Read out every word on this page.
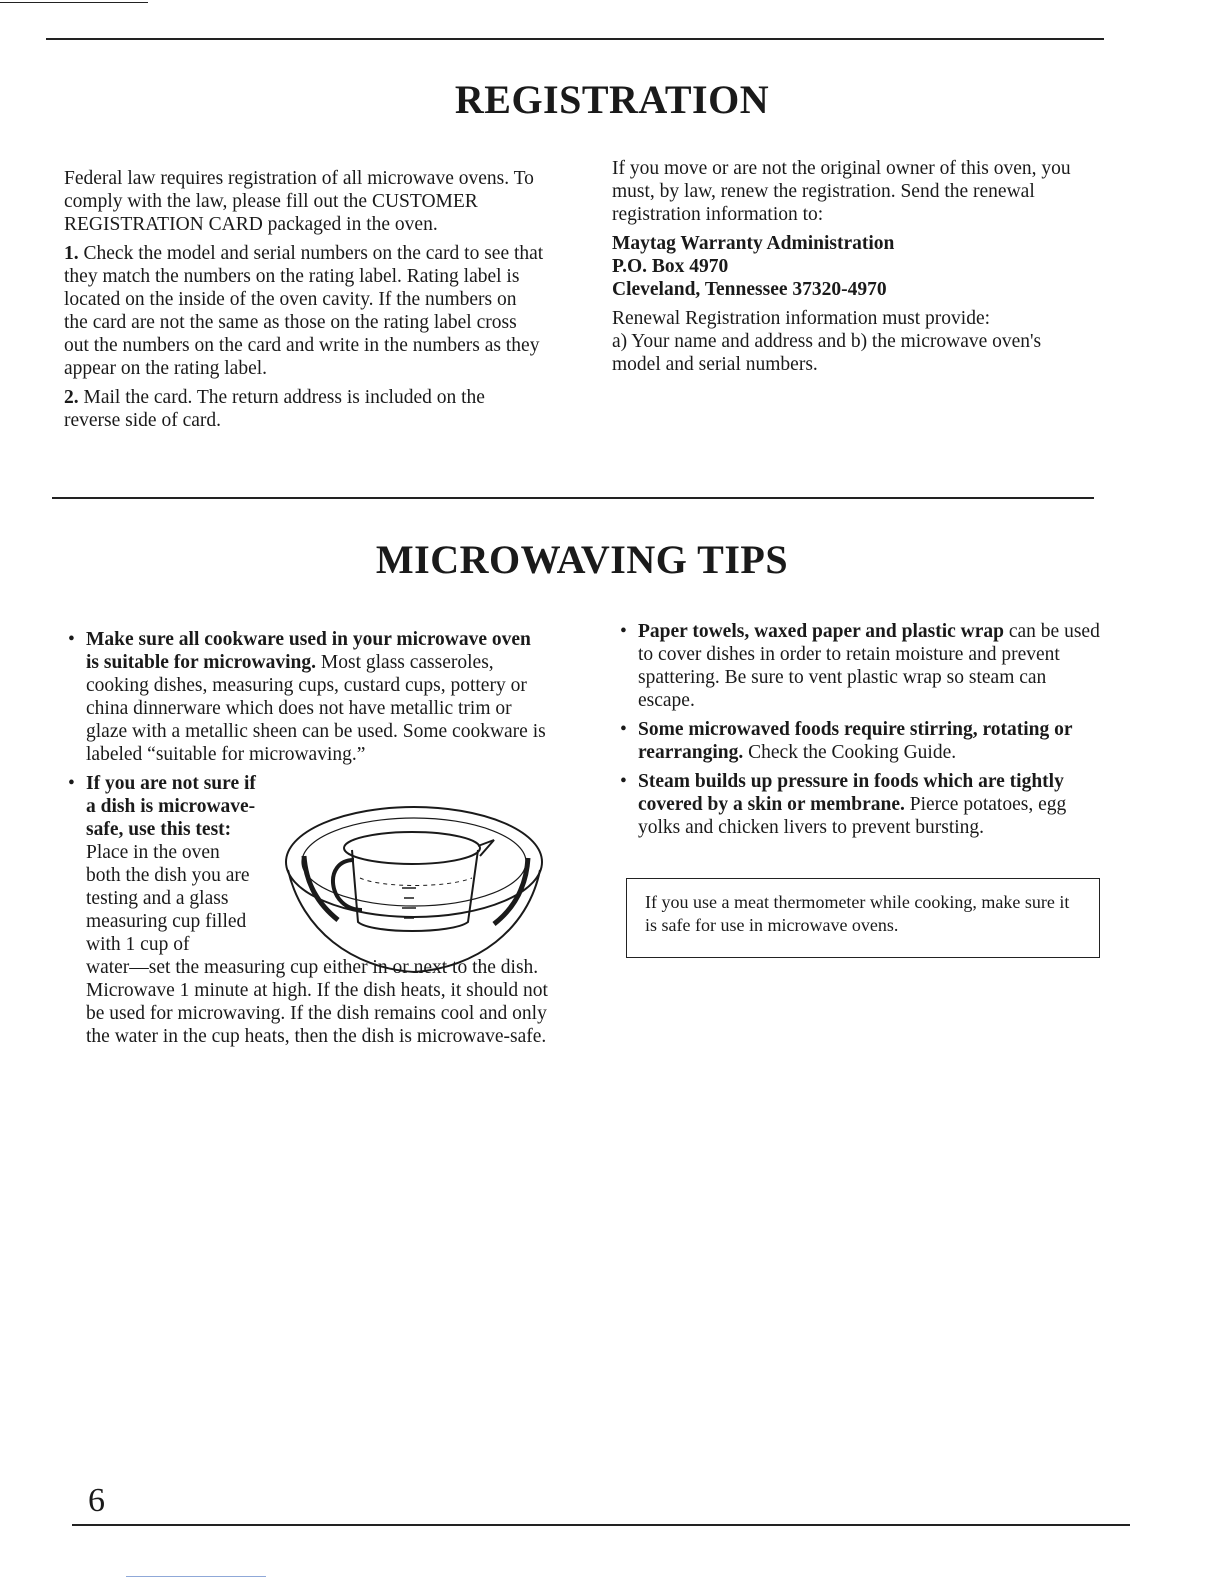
REGISTRATION

Federal law requires registration of all microwave ovens. To comply with the law, please fill out the CUSTOMER REGISTRATION CARD packaged in the oven.

1. Check the model and serial numbers on the card to see that they match the numbers on the rating label. Rating label is located on the inside of the oven cavity. If the numbers on the card are not the same as those on the rating label cross out the numbers on the card and write in the numbers as they appear on the rating label.

2. Mail the card. The return address is included on the reverse side of card.

If you move or are not the original owner of this oven, you must, by law, renew the registration. Send the renewal registration information to:

Maytag Warranty Administration
P.O. Box 4970
Cleveland, Tennessee 37320-4970

Renewal Registration information must provide:

a) Your name and address and b) the microwave oven's model and serial numbers.

MICROWAVING TIPS
• Make sure all cookware used in your microwave oven is suitable for microwaving. Most glass casseroles, cooking dishes, measuring cups, custard cups, pottery or china dinnerware which does not have metallic trim or glaze with a metallic sheen can be used. Some cookware is labeled “suitable for microwaving.”
• If you are not sure if a dish is microwave-safe, use this test: Place in the oven both the dish you are testing and a glass measuring cup filled with 1 cup of
water—set the measuring cup either in or next to the dish. Microwave 1 minute at high. If the dish heats, it should not be used for microwaving. If the dish remains cool and only the water in the cup heats, then the dish is microwave-safe.
• Paper towels, waxed paper and plastic wrap can be used to cover dishes in order to retain moisture and prevent spattering. Be sure to vent plastic wrap so steam can escape.
• Some microwaved foods require stirring, rotating or rearranging. Check the Cooking Guide.
• Steam builds up pressure in foods which are tightly covered by a skin or membrane. Pierce potatoes, egg yolks and chicken livers to prevent bursting.
If you use a meat thermometer while cooking, make sure it is safe for use in microwave ovens.
6
